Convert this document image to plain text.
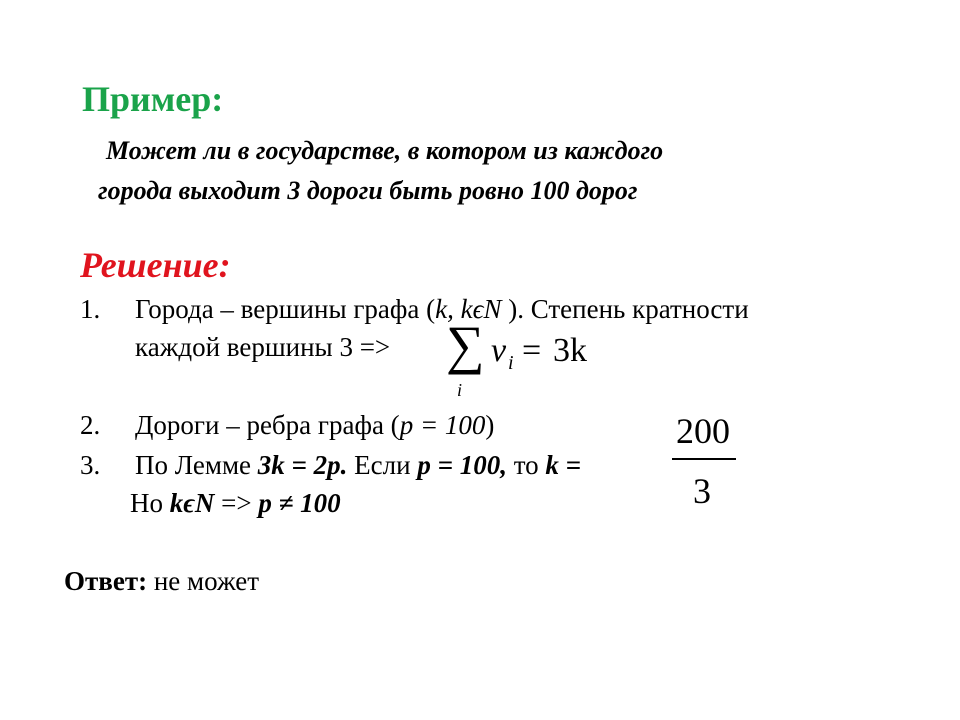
Пример:
Может ли в государстве, в котором из каждого
города выходит 3 дороги быть ровно 100 дорог
Решение:
1. Города – вершины графа (k, kϵN ). Степень кратности
каждой вершины 3 => ∑
i
v i = 3k
2. Дороги – ребра графа (p = 100)
3. По Лемме 3k = 2p. Если p = 100, то k =
200
3
Но kϵN => p ≠ 100
Ответ: не может
